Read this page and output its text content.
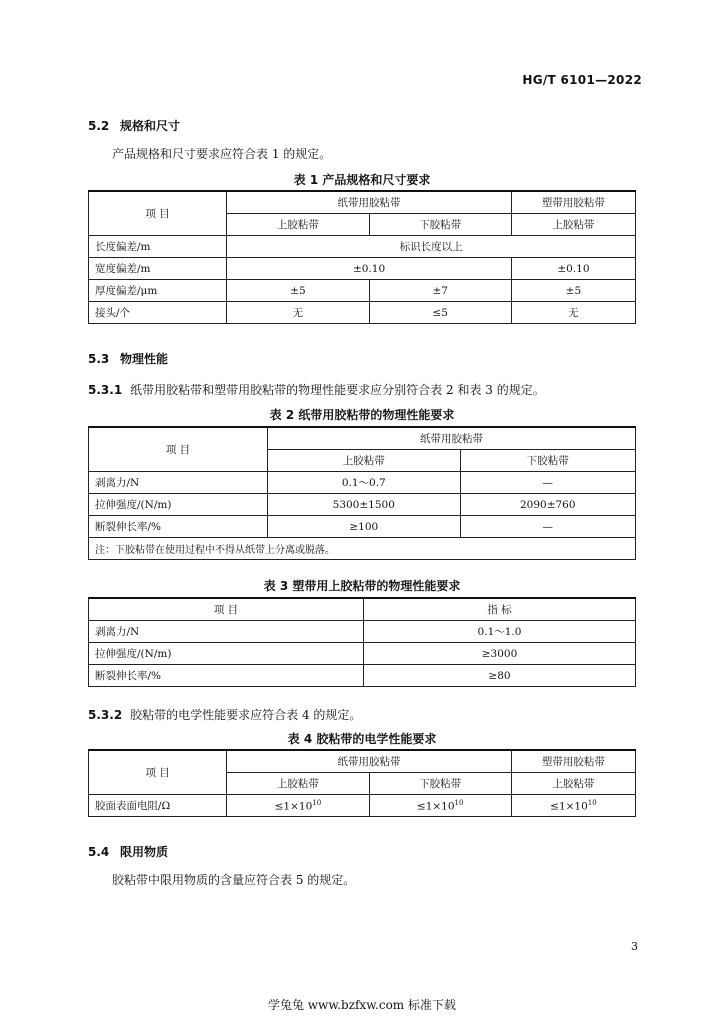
HG/T 6101—2022
5.2 规格和尺寸
产品规格和尺寸要求应符合表 1 的规定。
表 1 产品规格和尺寸要求
项 目	纸带用胶粘带		塑带用胶粘带
	上胶粘带	下胶粘带	上胶粘带
长度偏差/m	标识长度以上		
宽度偏差/m	±0.10		±0.10
厚度偏差/μm	±5	±7	±5
接头/个	无	≤5	无
5.3 物理性能
5.3.1 纸带用胶粘带和塑带用胶粘带的物理性能要求应分别符合表 2 和表 3 的规定。
表 2 纸带用胶粘带的物理性能要求
项 目	纸带用胶粘带	
	上胶粘带	下胶粘带
剥离力/N	0.1～0.7	—
拉伸强度/(N/m)	5300±1500	2090±760
断裂伸长率/%	≥100	—
注：下胶粘带在使用过程中不得从纸带上分离或脱落。		
表 3 塑带用上胶粘带的物理性能要求
项 目	指 标
剥离力/N	0.1～1.0
拉伸强度/(N/m)	≥3000
断裂伸长率/%	≥80
5.3.2 胶粘带的电学性能要求应符合表 4 的规定。
表 4 胶粘带的电学性能要求
项 目	纸带用胶粘带		塑带用胶粘带
	上胶粘带	下胶粘带	上胶粘带
胶面表面电阻/Ω	$\le 1\times 10^{10}$	$\le 1\times 10^{10}$	$\le 1\times 10^{10}$
5.4 限用物质
胶粘带中限用物质的含量应符合表 5 的规定。
3
学兔兔 www.bzfxw.com 标准下载
